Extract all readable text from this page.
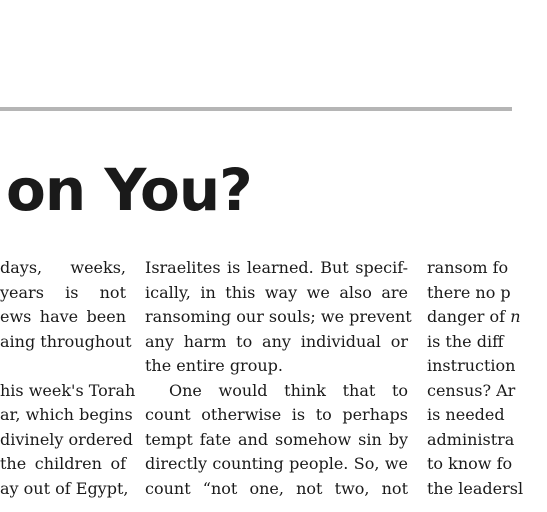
on You?
days, weeks,
years is not
ews have been
aing throughout
his week's Torah
ar, which begins
divinely ordered
the children of
ay out of Egypt,
Israelites is learned. But specif-
ically, in this way we also are
ransoming our souls; we prevent
any harm to any individual or
the entire group.
One would think that to
count otherwise is to perhaps
tempt fate and somehow sin by
directly counting people. So, we
count “not one, not two, not
ransom fo
there no p
danger of n
is the diff
instruction
census? Ar
is needed
administra
to know fo
the leadersl
